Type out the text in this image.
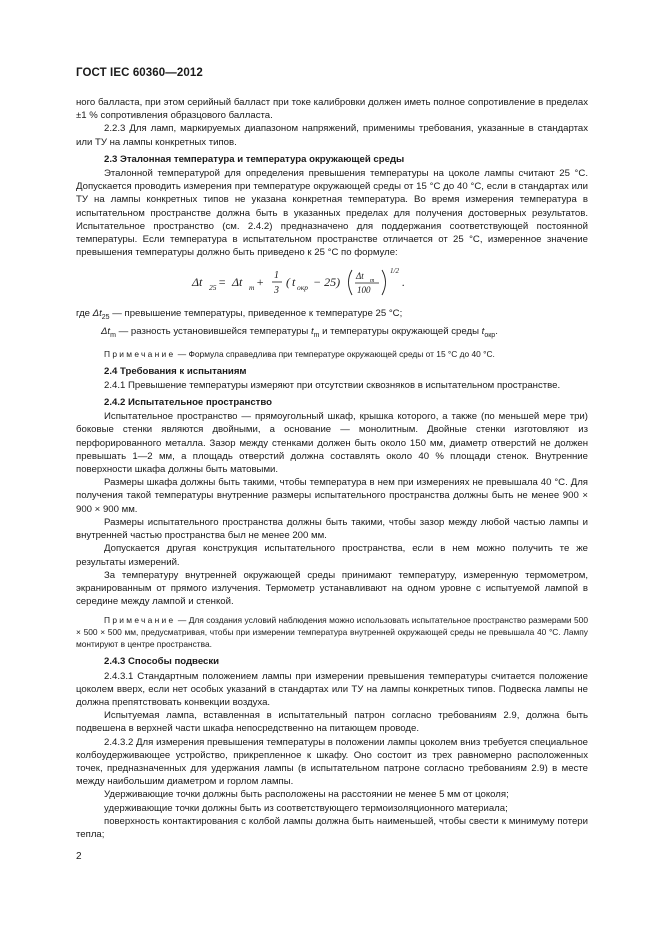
ГОСТ IEC 60360—2012

ного балласта, при этом серийный балласт при токе калибровки должен иметь полное сопротивление в пределах ±1 % сопротивления образцового балласта.

2.2.3 Для ламп, маркируемых диапазоном напряжений, применимы требования, указанные в стандартах или ТУ на лампы конкретных типов.

2.3 Эталонная температура и температура окружающей среды

Эталонной температурой для определения превышения температуры на цоколе лампы считают 25 °С. Допускается проводить измерения при температуре окружающей среды от 15 °С до 40 °С, если в стандартах или ТУ на лампы конкретных типов не указана конкретная температура. Во время измерения температура в испытательном пространстве должна быть в указанных пределах для получения достоверных результатов. Испытательное пространство (см. 2.4.2) предназначено для поддержания соответствующей постоянной температуры. Если температура в испытательном пространстве отличается от 25 °С, измеренное значение превышения температуры должно быть приведено к 25 °С по формуле:

Δt 25 = Δt m + 1
3
( t окр − 25) Δt m
100
1/2
.

где $\Delta t_{25}$ — превышение температуры, приведенное к температуре 25 °С;

$\Delta t_m$ — разность установившейся температуры $t_m$ и температуры окружающей среды $t_{окр}$.

Примечание — Формула справедлива при температуре окружающей среды от 15 °С до 40 °С.

2.4 Требования к испытаниям

2.4.1 Превышение температуры измеряют при отсутствии сквозняков в испытательном пространстве.

2.4.2 Испытательное пространство

Испытательное пространство — прямоугольный шкаф, крышка которого, а также (по меньшей мере три) боковые стенки являются двойными, а основание — монолитным. Двойные стенки изготовляют из перфорированного металла. Зазор между стенками должен быть около 150 мм, диаметр отверстий не должен превышать 1—2 мм, а площадь отверстий должна составлять около 40 % площади стенок. Внутренние поверхности шкафа должны быть матовыми.

Размеры шкафа должны быть такими, чтобы температура в нем при измерениях не превышала 40 °С. Для получения такой температуры внутренние размеры испытательного пространства должны быть не менее 900 × 900 × 900 мм.

Размеры испытательного пространства должны быть такими, чтобы зазор между любой частью лампы и внутренней частью пространства был не менее 200 мм.

Допускается другая конструкция испытательного пространства, если в нем можно получить те же результаты измерений.

За температуру внутренней окружающей среды принимают температуру, измеренную термометром, экранированным от прямого излучения. Термометр устанавливают на одном уровне с испытуемой лампой в середине между лампой и стенкой.

Примечание — Для создания условий наблюдения можно использовать испытательное пространство размерами 500 × 500 × 500 мм, предусматривая, чтобы при измерении температура внутренней окружающей среды не превышала 40 °С. Лампу монтируют в центре пространства.

2.4.3 Способы подвески

2.4.3.1 Стандартным положением лампы при измерении превышения температуры считается положение цоколем вверх, если нет особых указаний в стандартах или ТУ на лампы конкретных типов. Подвеска лампы не должна препятствовать конвекции воздуха.

Испытуемая лампа, вставленная в испытательный патрон согласно требованиям 2.9, должна быть подвешена в верхней части шкафа непосредственно на питающем проводе.

2.4.3.2 Для измерения превышения температуры в положении лампы цоколем вниз требуется специальное колбоудерживающее устройство, прикрепленное к шкафу. Оно состоит из трех равномерно расположенных точек, предназначенных для удержания лампы (в испытательном патроне согласно требованиям 2.9) в месте между наибольшим диаметром и горлом лампы.

Удерживающие точки должны быть расположены на расстоянии не менее 5 мм от цоколя;

удерживающие точки должны быть из соответствующего термоизоляционного материала;

поверхность контактирования с колбой лампы должна быть наименьшей, чтобы свести к минимуму потери тепла;

2
